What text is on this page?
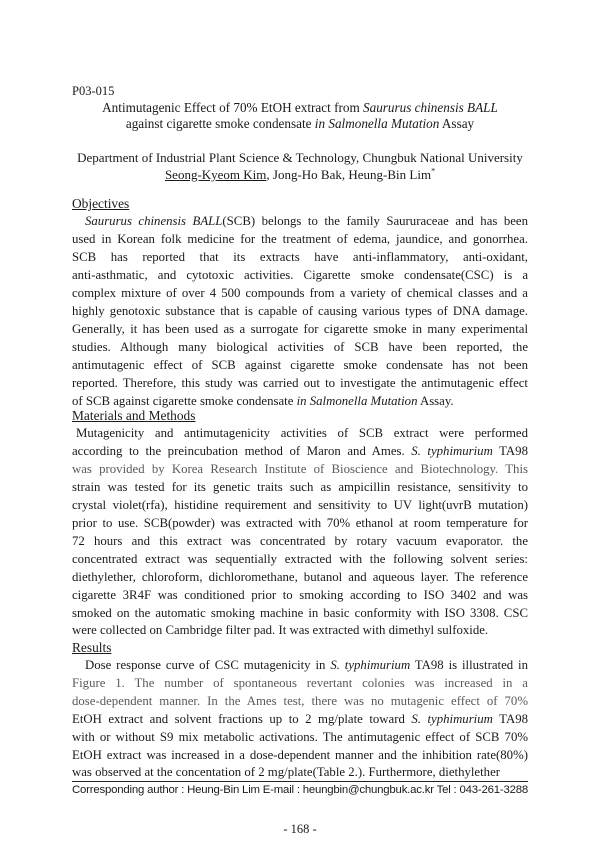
P03-015
Antimutagenic Effect of 70% EtOH extract from Saururus chinensis BALL
against cigarette smoke condensate in Salmonella Mutation Assay
Department of Industrial Plant Science & Technology, Chungbuk National University
Seong-Kyeom Kim, Jong-Ho Bak, Heung-Bin Lim*
Objectives
Saururus chinensis BALL(SCB) belongs to the family Saururaceae and has been
used in Korean folk medicine for the treatment of edema, jaundice, and gonorrhea.
SCB has reported that its extracts have anti-inflammatory, anti-oxidant,
anti-asthmatic, and cytotoxic activities. Cigarette smoke condensate(CSC) is a
complex mixture of over 4 500 compounds from a variety of chemical classes and a
highly genotoxic substance that is capable of causing various types of DNA damage.
Generally, it has been used as a surrogate for cigarette smoke in many experimental
studies. Although many biological activities of SCB have been reported, the
antimutagenic effect of SCB against cigarette smoke condensate has not been
reported. Therefore, this study was carried out to investigate the antimutagenic effect
of SCB against cigarette smoke condensate in Salmonella Mutation Assay.
Materials and Methods
Mutagenicity and antimutagenicity activities of SCB extract were performed
according to the preincubation method of Maron and Ames. S. typhimurium TA98
was provided by Korea Research Institute of Bioscience and Biotechnology. This
strain was tested for its genetic traits such as ampicillin resistance, sensitivity to
crystal violet(rfa), histidine requirement and sensitivity to UV light(uvrB mutation)
prior to use. SCB(powder) was extracted with 70% ethanol at room temperature for
72 hours and this extract was concentrated by rotary vacuum evaporator. the
concentrated extract was sequentially extracted with the following solvent series:
diethylether, chloroform, dichloromethane, butanol and aqueous layer. The reference
cigarette 3R4F was conditioned prior to smoking according to ISO 3402 and was
smoked on the automatic smoking machine in basic conformity with ISO 3308. CSC
were collected on Cambridge filter pad. It was extracted with dimethyl sulfoxide.
Results
Dose response curve of CSC mutagenicity in S. typhimurium TA98 is illustrated in
Figure 1. The number of spontaneous revertant colonies was increased in a
dose-dependent manner. In the Ames test, there was no mutagenic effect of 70%
EtOH extract and solvent fractions up to 2 mg/plate toward S. typhimurium TA98
with or without S9 mix metabolic activations. The antimutagenic effect of SCB 70%
EtOH extract was increased in a dose-dependent manner and the inhibition rate(80%)
was observed at the concentation of 2 mg/plate(Table 2.). Furthermore, diethylether
Corresponding author : Heung-Bin Lim E-mail : heungbin@chungbuk.ac.kr Tel : 043-261-3288
- 168 -
